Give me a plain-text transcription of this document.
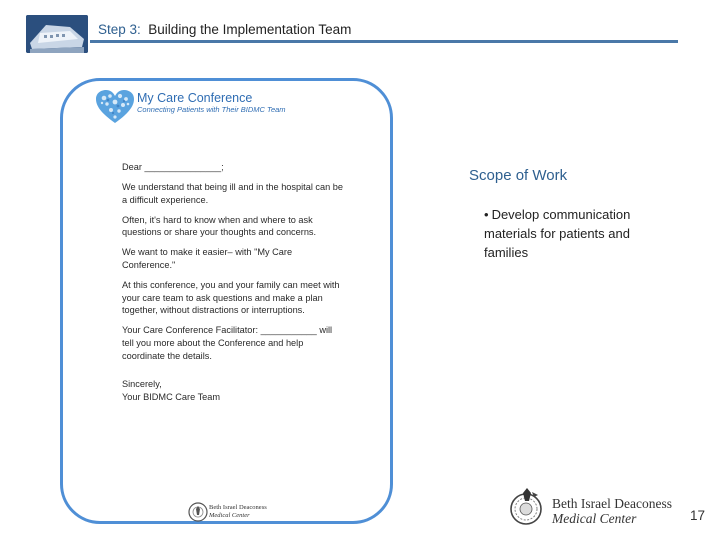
Step 3: Building the Implementation Team
My Care Conference
Connecting Patients with Their BIDMC Team

Dear _______________;

We understand that being ill and in the hospital can be a difficult experience.

Often, it's hard to know when and where to ask questions or share your thoughts and concerns.

We want to make it easier– with "My Care Conference."

At this conference, you and your family can meet with your care team to ask questions and make a plan together, without distractions or interruptions.

Your Care Conference Facilitator: ___________ will tell you more about the Conference and help coordinate the details.

Sincerely,

Your BIDMC Care Team

Beth Israel Deaconess
Medical Center
Scope of Work
• Develop communication materials for patients and families
Beth Israel Deaconess
Medical Center	17
